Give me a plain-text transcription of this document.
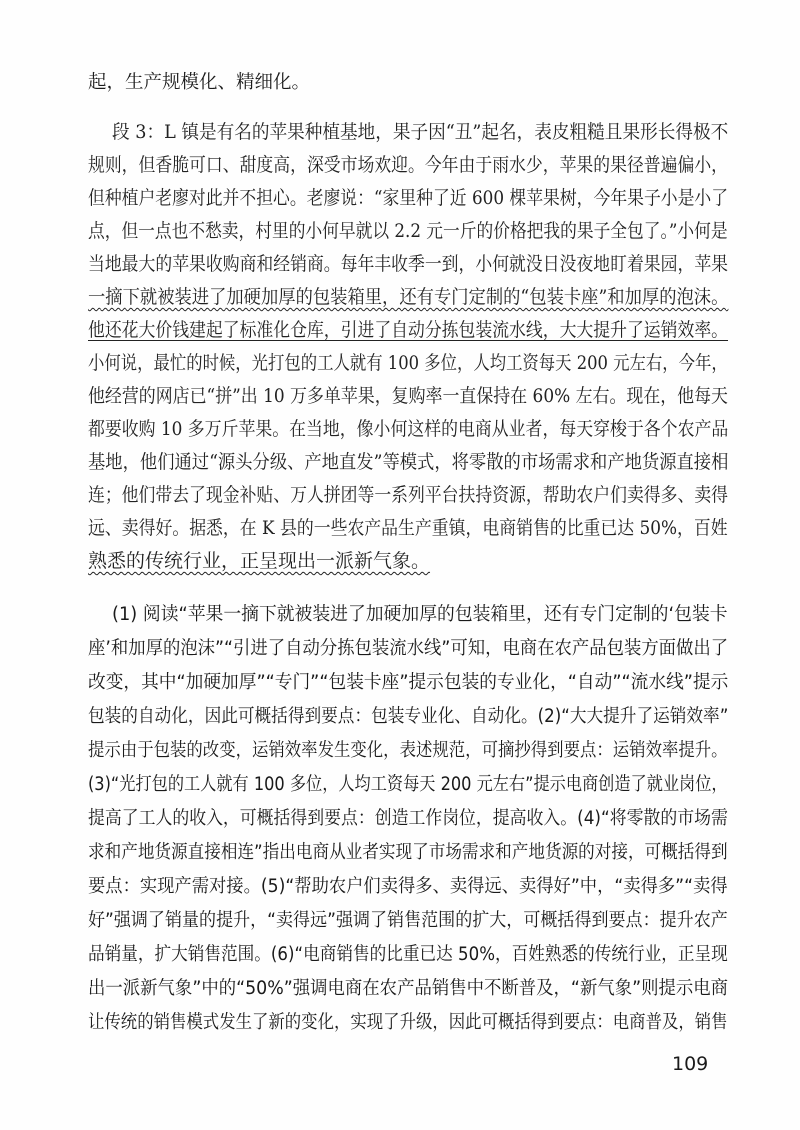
起，生产规模化、精细化。
段 3：L 镇是有名的苹果种植基地，果子因“丑”起名，表皮粗糙且果形长得极不
规则，但香脆可口、甜度高，深受市场欢迎。今年由于雨水少，苹果的果径普遍偏小，
但种植户老廖对此并不担心。老廖说：“家里种了近 600 棵苹果树，今年果子小是小了
点，但一点也不愁卖，村里的小何早就以 2.2 元一斤的价格把我的果子全包了。”小何是
当地最大的苹果收购商和经销商。每年丰收季一到，小何就没日没夜地盯着果园，苹果
一摘下就被装进了加硬加厚的包装箱里，还有专门定制的“包装卡座”和加厚的泡沫。
他还花大价钱建起了标准化仓库，引进了自动分拣包装流水线，大大提升了运销效率。
小何说，最忙的时候，光打包的工人就有 100 多位，人均工资每天 200 元左右，今年，
他经营的网店已“拼”出 10 万多单苹果，复购率一直保持在 60% 左右。现在，他每天
都要收购 10 多万斤苹果。在当地，像小何这样的电商从业者，每天穿梭于各个农产品
基地，他们通过“源头分级、产地直发”等模式，将零散的市场需求和产地货源直接相
连；他们带去了现金补贴、万人拼团等一系列平台扶持资源，帮助农户们卖得多、卖得
远、卖得好。据悉，在 K 县的一些农产品生产重镇，电商销售的比重已达 50%，百姓
熟悉的传统行业，正呈现出一派新气象。
(1) 阅读“苹果一摘下就被装进了加硬加厚的包装箱里，还有专门定制的‘包装卡
座’和加厚的泡沫”“引进了自动分拣包装流水线”可知，电商在农产品包装方面做出了
改变，其中“加硬加厚”“专门”“包装卡座”提示包装的专业化，“自动”“流水线”提示
包装的自动化，因此可概括得到要点：包装专业化、自动化。(2)“大大提升了运销效率”
提示由于包装的改变，运销效率发生变化，表述规范，可摘抄得到要点：运销效率提升。
(3)“光打包的工人就有 100 多位，人均工资每天 200 元左右”提示电商创造了就业岗位，
提高了工人的收入，可概括得到要点：创造工作岗位，提高收入。(4)“将零散的市场需
求和产地货源直接相连”指出电商从业者实现了市场需求和产地货源的对接，可概括得到
要点：实现产需对接。(5)“帮助农户们卖得多、卖得远、卖得好”中，“卖得多”“卖得
好”强调了销量的提升，“卖得远”强调了销售范围的扩大，可概括得到要点：提升农产
品销量，扩大销售范围。(6)“电商销售的比重已达 50%，百姓熟悉的传统行业，正呈现
出一派新气象”中的“50%”强调电商在农产品销售中不断普及，“新气象”则提示电商
让传统的销售模式发生了新的变化，实现了升级，因此可概括得到要点：电商普及，销售
109
